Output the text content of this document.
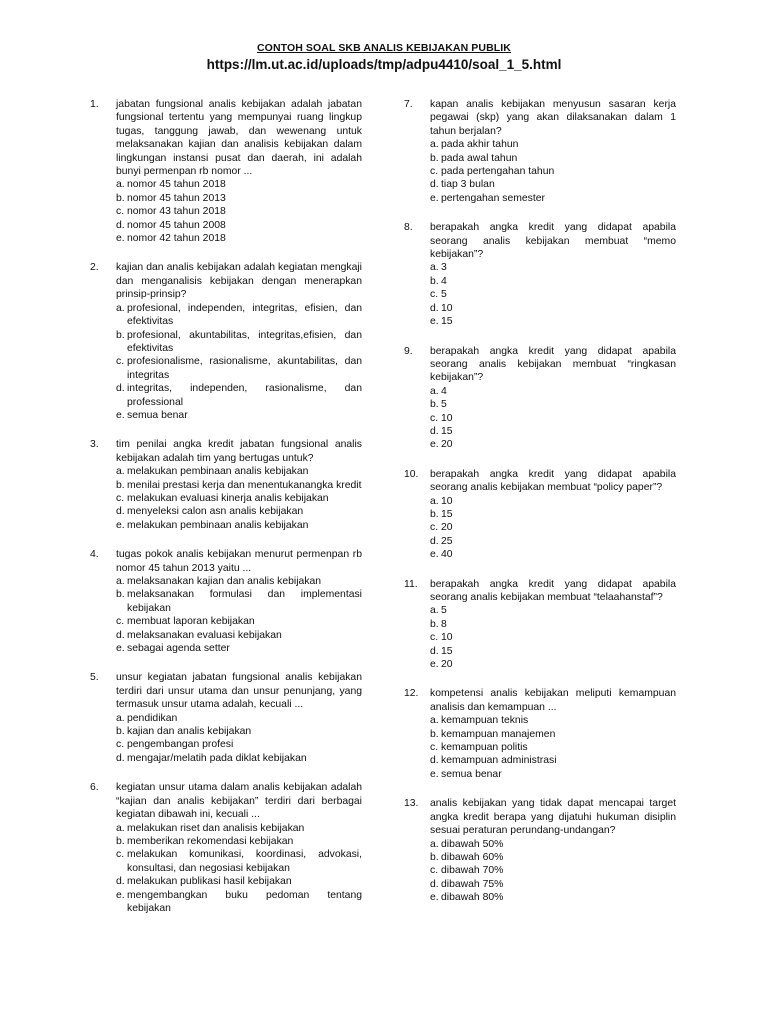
CONTOH SOAL SKB ANALIS KEBIJAKAN PUBLIK
https://lm.ut.ac.id/uploads/tmp/adpu4410/soal_1_5.html
1.	jabatan fungsional analis kebijakan adalah jabatan fungsional tertentu yang mempunyai ruang lingkup tugas, tanggung jawab, dan wewenang untuk melaksanakan kajian dan analisis kebijakan dalam lingkungan instansi pusat dan daerah, ini adalah bunyi permenpan rb nomor ...
a. nomor 45 tahun 2018
b. nomor 45 tahun 2013
c. nomor 43 tahun 2018
d. nomor 45 tahun 2008
e. nomor 42 tahun 2018
2.	kajian dan analis kebijakan adalah kegiatan mengkaji dan menganalisis kebijakan dengan menerapkan prinsip-prinsip?
a. profesional, independen, integritas, efisien, dan efektivitas
b. profesional, akuntabilitas, integritas,efisien, dan efektivitas
c. profesionalisme, rasionalisme, akuntabilitas, dan integritas
d. integritas, independen, rasionalisme, dan professional
e. semua benar
3.	tim penilai angka kredit jabatan fungsional analis kebijakan adalah tim yang bertugas untuk?
a. melakukan pembinaan analis kebijakan
b. menilai prestasi kerja dan menentukanangka kredit
c. melakukan evaluasi kinerja analis kebijakan
d. menyeleksi calon asn analis kebijakan
e. melakukan pembinaan analis kebijakan
4.	tugas pokok analis kebijakan menurut permenpan rb nomor 45 tahun 2013 yaitu ...
a. melaksanakan kajian dan analis kebijakan
b. melaksanakan formulasi dan implementasi kebijakan
c. membuat laporan kebijakan
d. melaksanakan evaluasi kebijakan
e. sebagai agenda setter
5.	unsur kegiatan jabatan fungsional analis kebijakan terdiri dari unsur utama dan unsur penunjang, yang termasuk unsur utama adalah, kecuali ...
a. pendidikan
b. kajian dan analis kebijakan
c. pengembangan profesi
d. mengajar/melatih pada diklat kebijakan
6.	kegiatan unsur utama dalam analis kebijakan adalah “kajian dan analis kebijakan” terdiri dari berbagai kegiatan dibawah ini, kecuali ...
a. melakukan riset dan analisis kebijakan
b. memberikan rekomendasi kebijakan
c. melakukan komunikasi, koordinasi, advokasi, konsultasi, dan negosiasi kebijakan
d. melakukan publikasi hasil kebijakan
e. mengembangkan buku pedoman tentang kebijakan
7.	kapan analis kebijakan menyusun sasaran kerja pegawai (skp) yang akan dilaksanakan dalam 1 tahun berjalan?
a. pada akhir tahun
b. pada awal tahun
c. pada pertengahan tahun
d. tiap 3 bulan
e. pertengahan semester
8.	berapakah angka kredit yang didapat apabila seorang analis kebijakan membuat “memo kebijakan”?
a. 3
b. 4
c. 5
d. 10
e. 15
9.	berapakah angka kredit yang didapat apabila seorang analis kebijakan membuat “ringkasan kebijakan”?
a. 4
b. 5
c. 10
d. 15
e. 20
10.	berapakah angka kredit yang didapat apabila seorang analis kebijakan membuat “policy paper”?
a. 10
b. 15
c. 20
d. 25
e. 40
11.	berapakah angka kredit yang didapat apabila seorang analis kebijakan membuat “telaahanstaf”?
a. 5
b. 8
c. 10
d. 15
e. 20
12.	kompetensi analis kebijakan meliputi kemampuan analisis dan kemampuan ...
a. kemampuan teknis
b. kemampuan manajemen
c. kemampuan politis
d. kemampuan administrasi
e. semua benar
13.	analis kebijakan yang tidak dapat mencapai target angka kredit berapa yang dijatuhi hukuman disiplin sesuai peraturan perundang-undangan?
a. dibawah 50%
b. dibawah 60%
c. dibawah 70%
d. dibawah 75%
e. dibawah 80%
